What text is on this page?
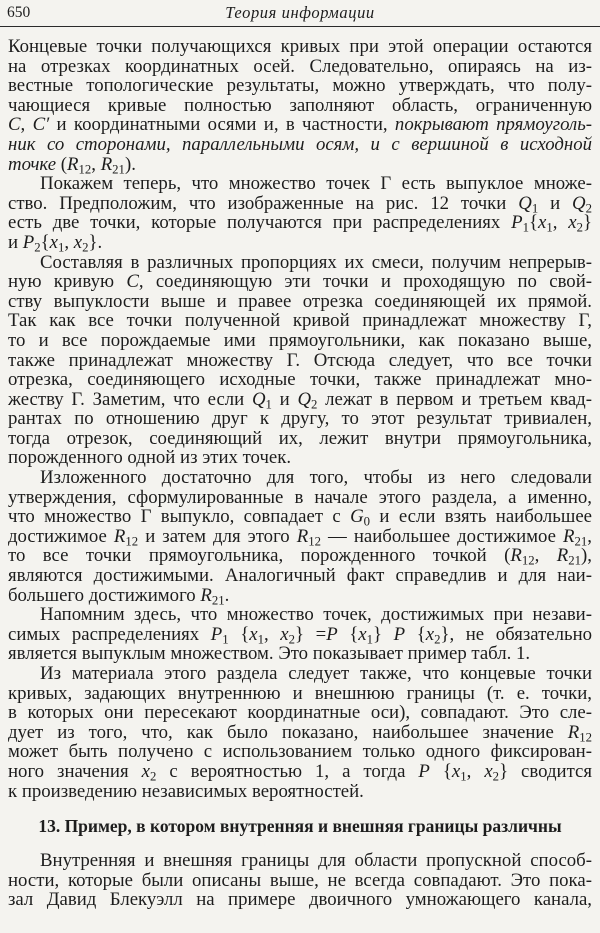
650	Теория информации
Концевые точки получающихся кривых при этой операции остаются
на отрезках координатных осей. Следовательно, опираясь на из-
вестные топологические результаты, можно утверждать, что полу-
чающиеся кривые полностью заполняют область, ограниченную
C, C′ и координатными осями и, в частности, покрывают прямоуголь-
ник со сторонами, параллельными осям, и с вершиной в исходной
точке ($R_{12}$, $R_{21}$).
Покажем теперь, что множество точек Г есть выпуклое множе-
ство. Предположим, что изображенные на рис. 12 точки $Q_1$ и $Q_2$
есть две точки, которые получаются при распределениях $P_1\{x_1$, $x_2$}
и $P_2\{x_1$, $x_2$}.
Составляя в различных пропорциях их смеси, получим непрерыв-
ную кривую C, соединяющую эти точки и проходящую по свой-
ству выпуклости выше и правее отрезка соединяющей их прямой.
Так как все точки полученной кривой принадлежат множеству Г,
то и все порождаемые ими прямоугольники, как показано выше,
также принадлежат множеству Г. Отсюда следует, что все точки
отрезка, соединяющего исходные точки, также принадлежат мно-
жеству Г. Заметим, что если $Q_1$ и $Q_2$ лежат в первом и третьем квад-
рантах по отношению друг к другу, то этот результат тривиален,
тогда отрезок, соединяющий их, лежит внутри прямоугольника,
порожденного одной из этих точек.
Изложенного достаточно для того, чтобы из него следовали
утверждения, сформулированные в начале этого раздела, а именно,
что множество Г выпукло, совпадает с $G_0$ и если взять наибольшее
достижимое $R_{12}$ и затем для этого $R_{12}$ — наибольшее достижимое $R_{21}$,
то все точки прямоугольника, порожденного точкой ($R_{12}$, $R_{21}$),
являются достижимыми. Аналогичный факт справедлив и для наи-
большего достижимого $R_{21}$.
Напомним здесь, что множество точек, достижимых при незави-
симых распределениях $P_1$ {$x_1$, $x_2\} =P$ $\{x_1\}$ P $\{x_2\}$, не обязательно
является выпуклым множеством. Это показывает пример табл. 1.
Из материала этого раздела следует также, что концевые точки
кривых, задающих внутреннюю и внешнюю границы (т. е. точки,
в которых они пересекают координатные оси), совпадают. Это сле-
дует из того, что, как было показано, наибольшее значение $R_{12}$
может быть получено с использованием только одного фиксирован-
ного значения $x_2$ с вероятностью 1, а тогда P {$x_1$, $x_2$} сводится
к произведению независимых вероятностей.
13. Пример, в котором внутренняя и внешняя границы различны
Внутренняя и внешняя границы для области пропускной способ-
ности, которые были описаны выше, не всегда совпадают. Это пока-
зал Давид Блекуэлл на примере двоичного умножающего канала,
